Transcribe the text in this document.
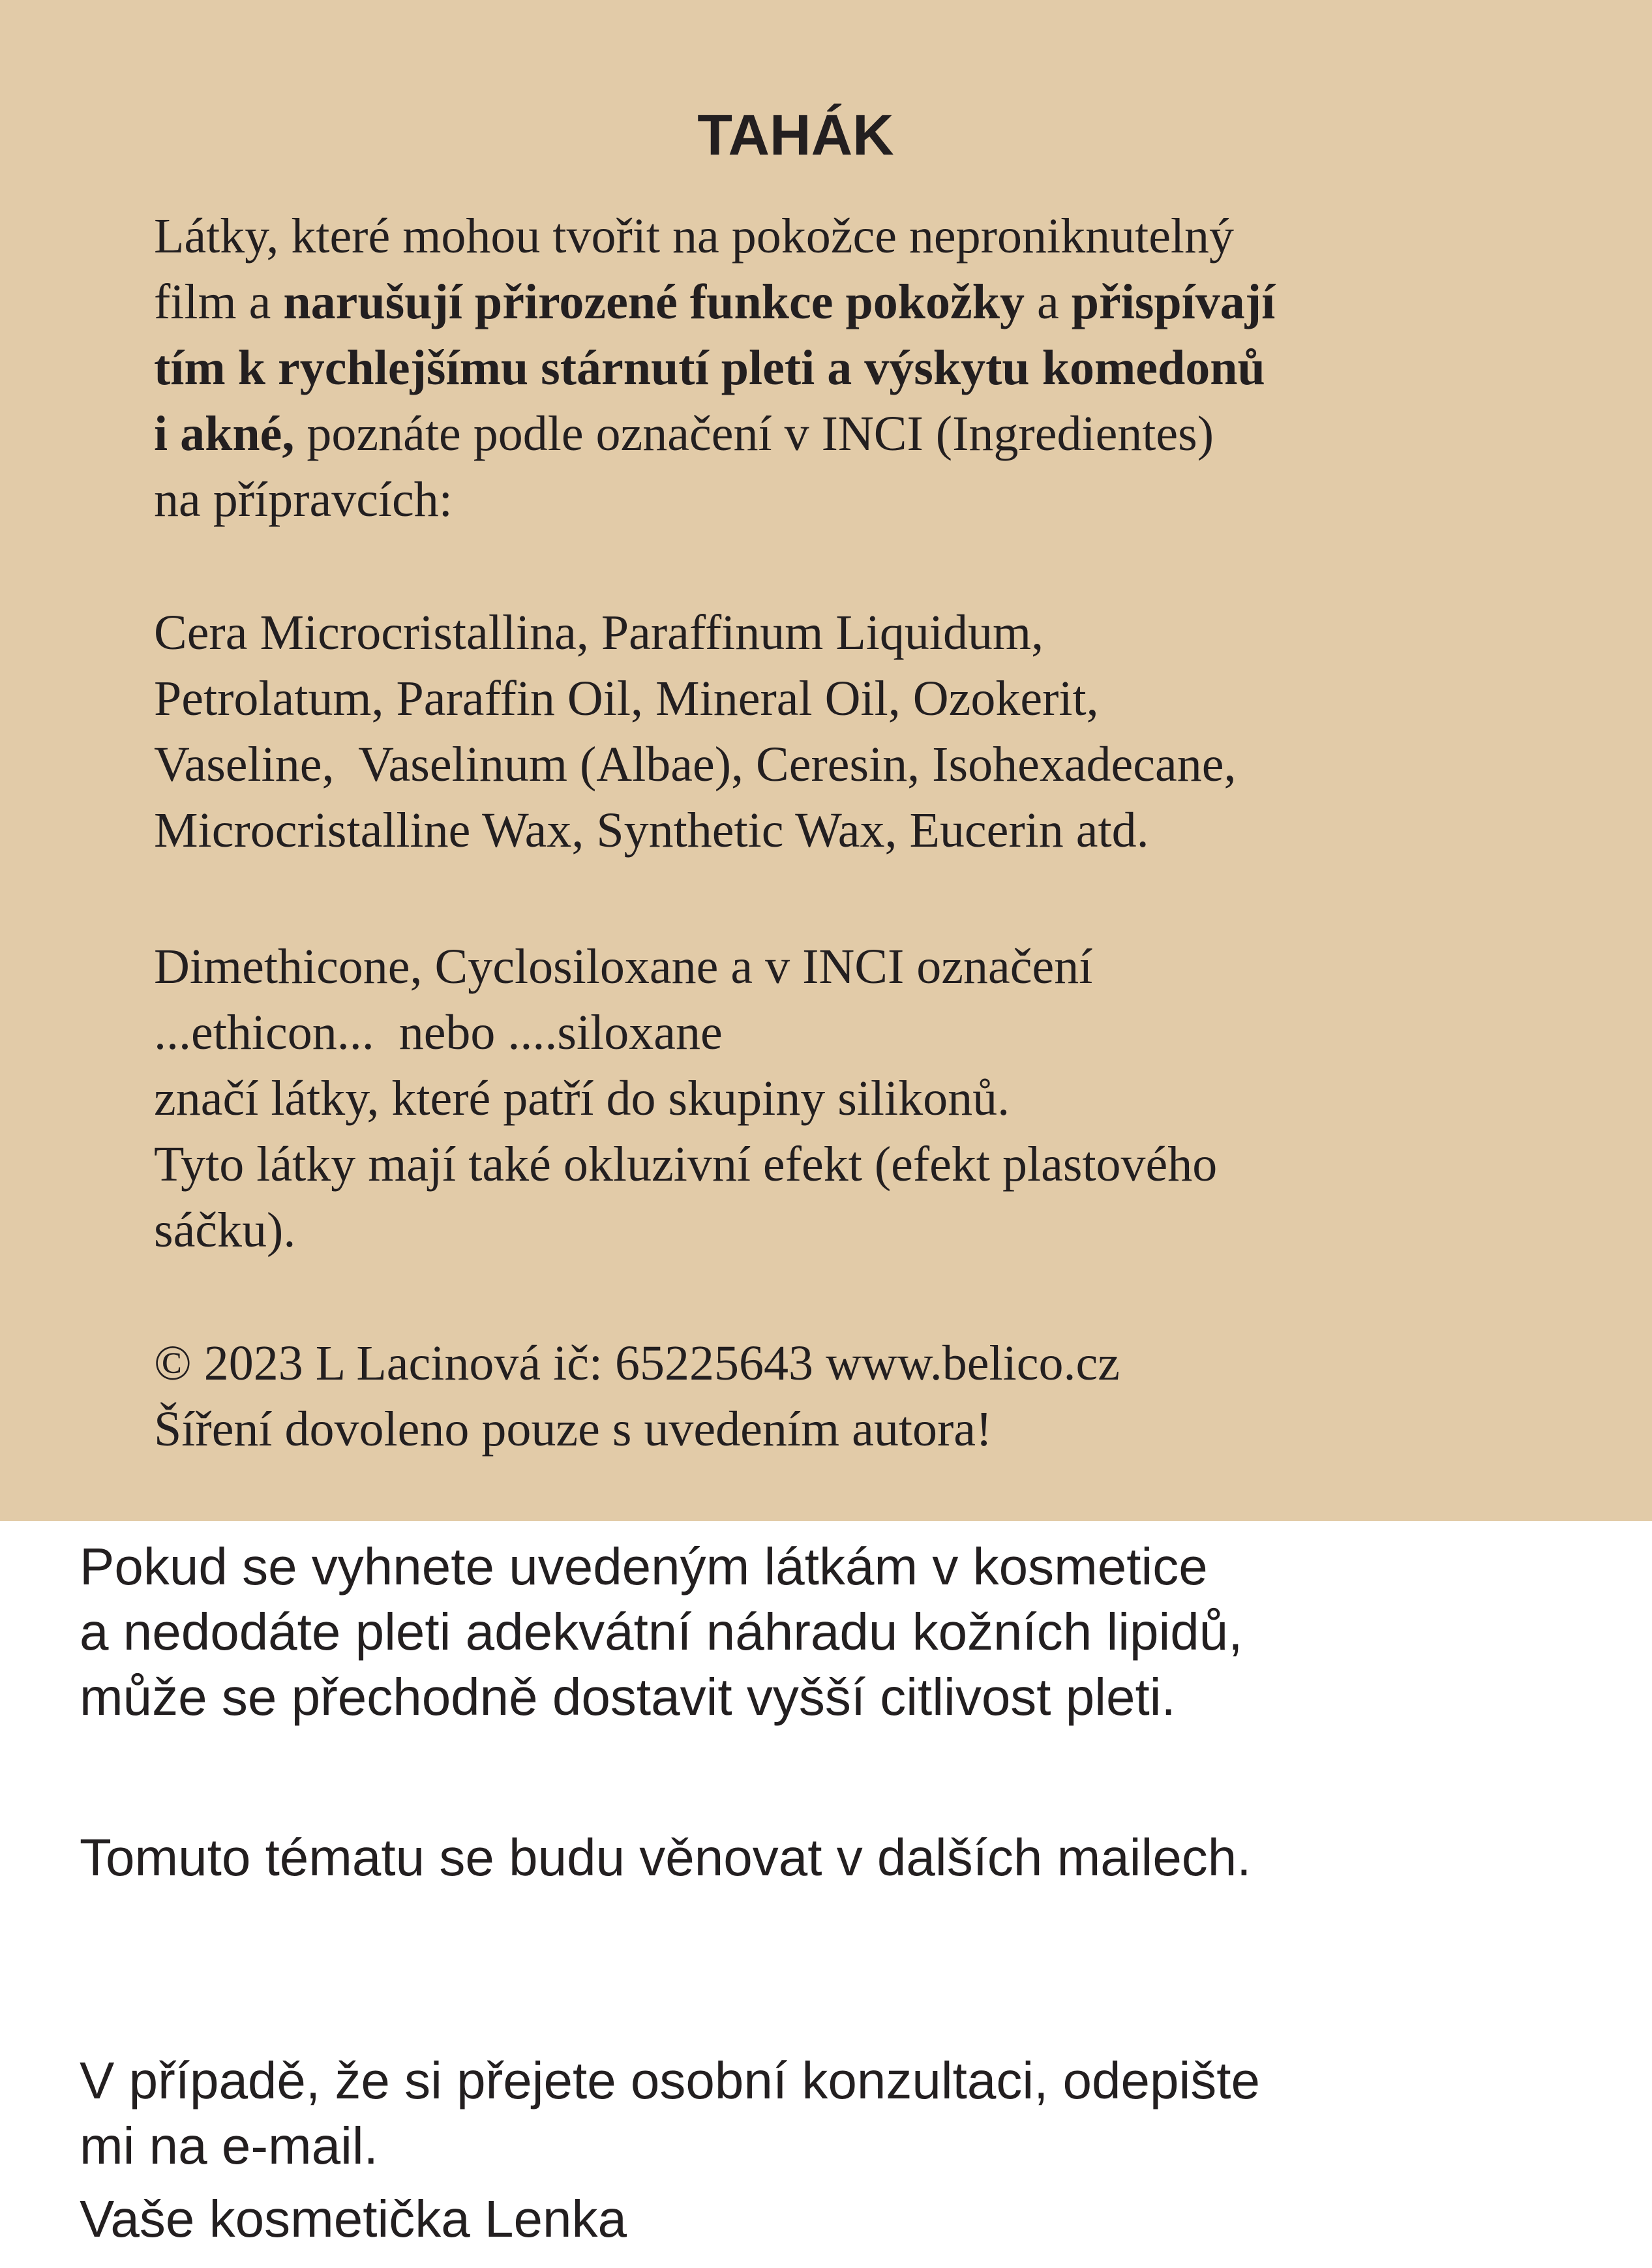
TAHÁK
Látky, které mohou tvořit na pokožce neproniknutelný
film a narušují přirozené funkce pokožky a přispívají
tím k rychlejšímu stárnutí pleti a výskytu komedonů
i akné, poznáte podle označení v INCI (Ingredientes)
na přípravcích:
Cera Microcristallina, Paraffinum Liquidum,
Petrolatum, Paraffin Oil, Mineral Oil, Ozokerit,
Vaseline,  Vaselinum (Albae), Ceresin, Isohexadecane,
Microcristalline Wax, Synthetic Wax, Eucerin atd.
Dimethicone, Cyclosiloxane a v INCI označení
...ethicon...  nebo ....siloxane
značí látky, které patří do skupiny silikonů.
Tyto látky mají také okluzivní efekt (efekt plastového
sáčku).
© 2023 L Lacinová ič: 65225643 www.belico.cz
Šíření dovoleno pouze s uvedením autora!
Pokud se vyhnete uvedeným látkám v kosmetice
a nedodáte pleti adekvátní náhradu kožních lipidů,
může se přechodně dostavit vyšší citlivost pleti.
Tomuto tématu se budu věnovat v dalších mailech.
V případě, že si přejete osobní konzultaci, odepište
mi na e-mail.
Vaše kosmetička Lenka
